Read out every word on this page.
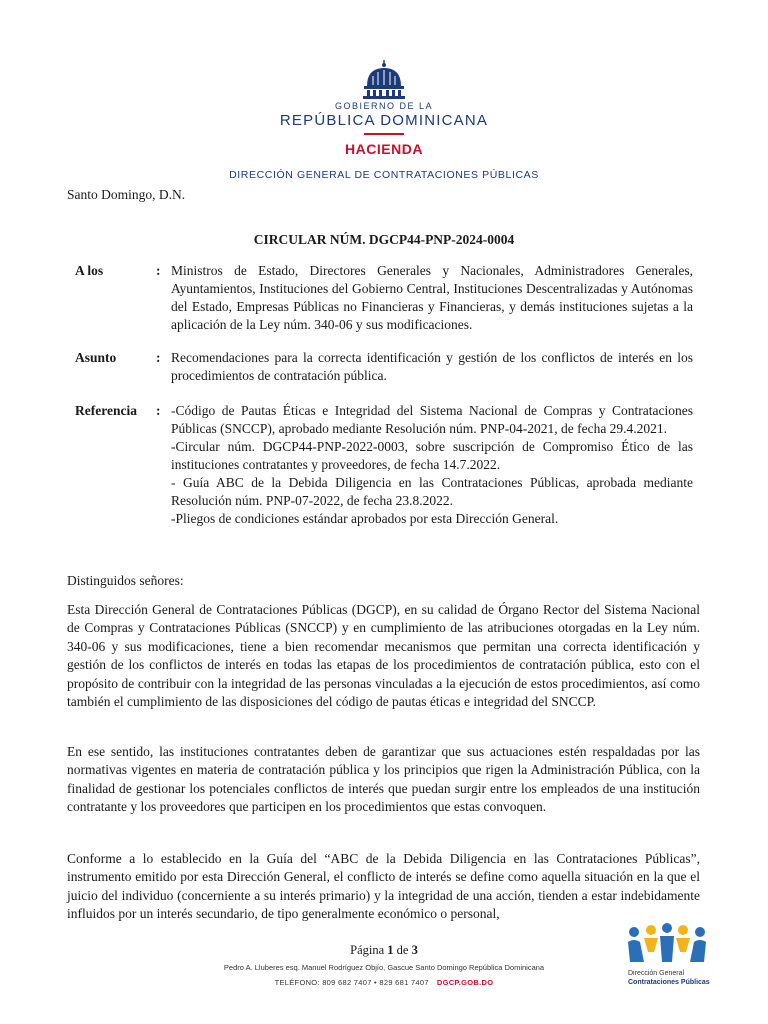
GOBIERNO DE LA
REPÚBLICA DOMINICANA
HACIENDA
DIRECCIÓN GENERAL DE CONTRATACIONES PÚBLICAS
Santo Domingo, D.N.
CIRCULAR NÚM. DGCP44-PNP-2024-0004
A los	: Ministros de Estado, Directores Generales y Nacionales, Administradores Generales, Ayuntamientos, Instituciones del Gobierno Central, Instituciones Descentralizadas y Autónomas del Estado, Empresas Públicas no Financieras y Financieras, y demás instituciones sujetas a la aplicación de la Ley núm. 340-06 y sus modificaciones.
Asunto	: Recomendaciones para la correcta identificación y gestión de los conflictos de interés en los procedimientos de contratación pública.
Referencia : -Código de Pautas Éticas e Integridad del Sistema Nacional de Compras y Contrataciones Públicas (SNCCP), aprobado mediante Resolución núm. PNP-04-2021, de fecha 29.4.2021.
-Circular núm. DGCP44-PNP-2022-0003, sobre suscripción de Compromiso Ético de las instituciones contratantes y proveedores, de fecha 14.7.2022.
- Guía ABC de la Debida Diligencia en las Contrataciones Públicas, aprobada mediante Resolución núm. PNP-07-2022, de fecha 23.8.2022.
-Pliegos de condiciones estándar aprobados por esta Dirección General.

Distinguidos señores:

Esta Dirección General de Contrataciones Públicas (DGCP), en su calidad de Órgano Rector del Sistema Nacional de Compras y Contrataciones Públicas (SNCCP) y en cumplimiento de las atribuciones otorgadas en la Ley núm. 340-06 y sus modificaciones, tiene a bien recomendar mecanismos que permitan una correcta identificación y gestión de los conflictos de interés en todas las etapas de los procedimientos de contratación pública, esto con el propósito de contribuir con la integridad de las personas vinculadas a la ejecución de estos procedimientos, así como también el cumplimiento de las disposiciones del código de pautas éticas e integridad del SNCCP.

En ese sentido, las instituciones contratantes deben de garantizar que sus actuaciones estén respaldadas por las normativas vigentes en materia de contratación pública y los principios que rigen la Administración Pública, con la finalidad de gestionar los potenciales conflictos de interés que puedan surgir entre los empleados de una institución contratante y los proveedores que participen en los procedimientos que estas convoquen.

Conforme a lo establecido en la Guía del “ABC de la Debida Diligencia en las Contrataciones Públicas”, instrumento emitido por esta Dirección General, el conflicto de interés se define como aquella situación en la que el juicio del individuo (concerniente a su interés primario) y la integridad de una acción, tienden a estar indebidamente influidos por un interés secundario, de tipo generalmente económico o personal,

Página 1 de 3
Pedro A. Lluberes esq. Manuel Rodríguez Objío, Gascue Santo Domingo República Dominicana
TELÉFONO: 809 682 7407 • 829 681 7407 DGCP.GOB.DO
Dirección General
Contrataciones Públicas
